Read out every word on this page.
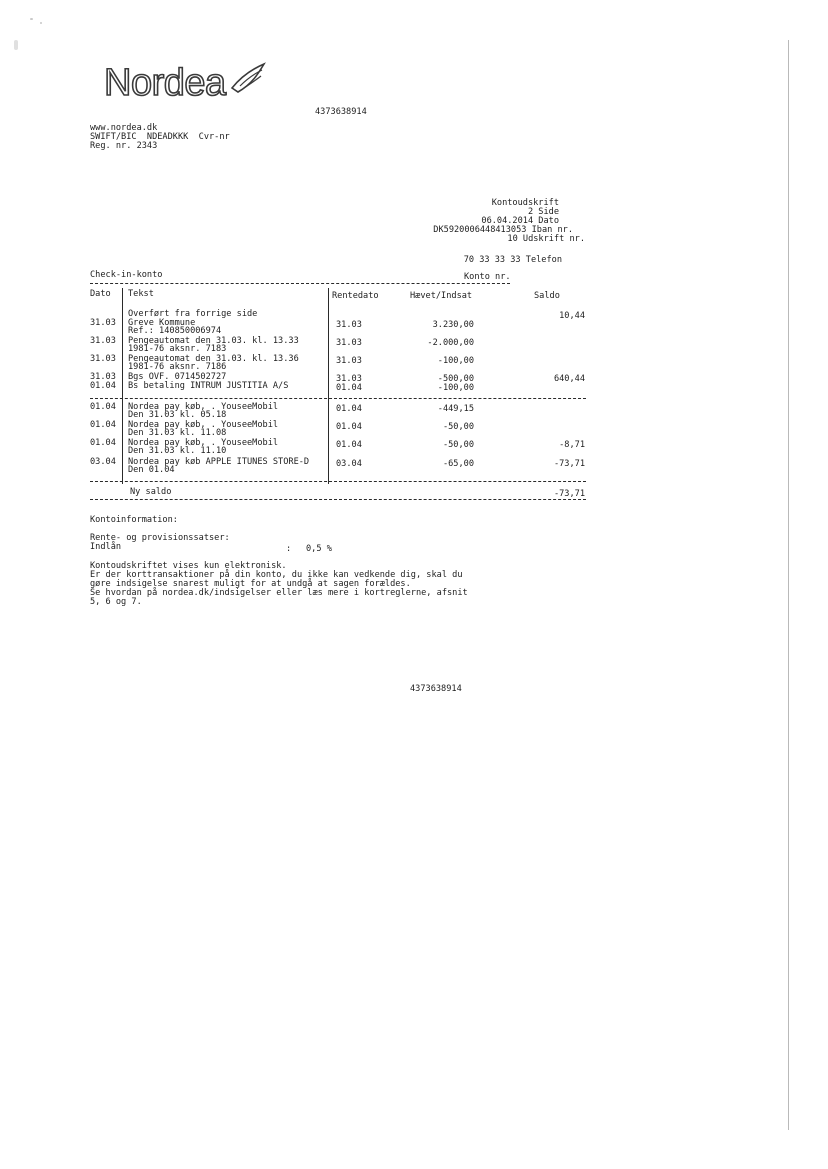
Nordea
4373638914
www.nordea.dk
SWIFT/BIC  NDEADKKK  Cvr-nr
Reg. nr. 2343
Kontoudskrift
2 Side
06.04.2014 Dato
DK5920006448413053 Iban nr.
10 Udskrift nr.
70 33 33 33 Telefon
Check-in-konto	Konto nr.
Dato Tekst	Rentedato	Hævet/Indsat	Saldo
Overført fra forrige side	10,44
31.03 Greve Kommune	31.03	3.230,00
Ref.: 140850006974
31.03 Pengeautomat den 31.03. kl. 13.33	31.03	-2.000,00
1981-76 aksnr. 7183
31.03 Pengeautomat den 31.03. kl. 13.36	31.03	-100,00
1981-76 aksnr. 7186
31.03 Bgs OVF. 0714502727	31.03	-500,00	640,44
01.04 Bs betaling INTRUM JUSTITIA A/S	01.04	-100,00
01.04 Nordea pay køb, . YouseeMobil	01.04	-449,15
Den 31.03 kl. 05.18
01.04 Nordea pay køb, . YouseeMobil	01.04	-50,00
Den 31.03 kl. 11.08
01.04 Nordea pay køb, . YouseeMobil	01.04	-50,00	-8,71
Den 31.03 kl. 11.10
03.04 Nordea pay køb APPLE ITUNES STORE-D	03.04	-65,00	-73,71
Den 01.04
Ny saldo	-73,71
Kontoinformation:
Rente- og provisionssatser:
Indlån	: 0,5 %
Kontoudskriftet vises kun elektronisk.
Er der korttransaktioner på din konto, du ikke kan vedkende dig, skal du
gøre indsigelse snarest muligt for at undgå at sagen forældes.
Se hvordan på nordea.dk/indsigelser eller læs mere i kortreglerne, afsnit
5, 6 og 7.
4373638914
